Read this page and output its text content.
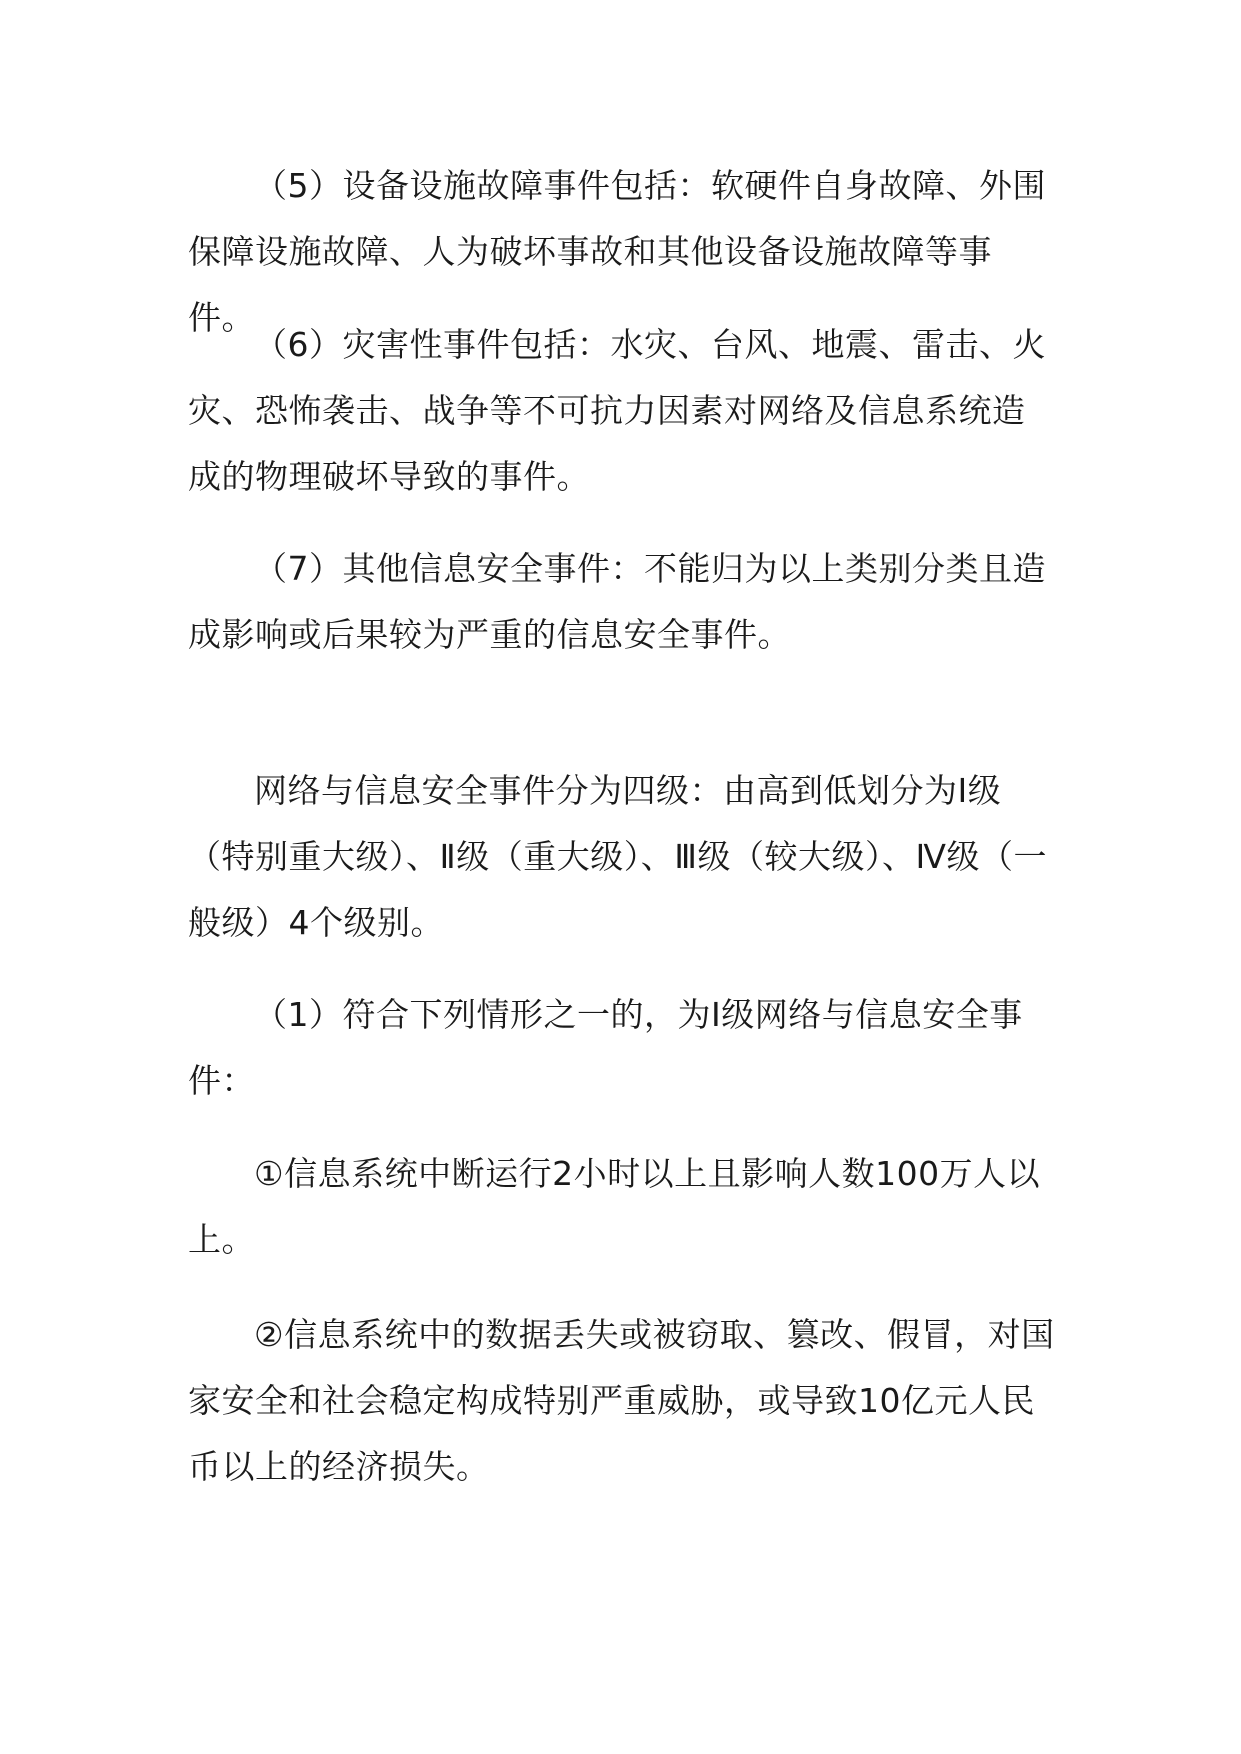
（5）设备设施故障事件包括：软硬件自身故障、外围保障设施故障、人为破坏事故和其他设备设施故障等事件。

（6）灾害性事件包括：水灾、台风、地震、雷击、火灾、恐怖袭击、战争等不可抗力因素对网络及信息系统造成的物理破坏导致的事件。

（7）其他信息安全事件：不能归为以上类别分类且造成影响或后果较为严重的信息安全事件。

网络与信息安全事件分为四级：由高到低划分为Ⅰ级（特别重大级）、Ⅱ级（重大级）、Ⅲ级（较大级）、Ⅳ级（一般级）4个级别。

（1）符合下列情形之一的，为Ⅰ级网络与信息安全事件：

①信息系统中断运行2小时以上且影响人数100万人以上。

②信息系统中的数据丢失或被窃取、篡改、假冒，对国家安全和社会稳定构成特别严重威胁，或导致10亿元人民币以上的经济损失。
